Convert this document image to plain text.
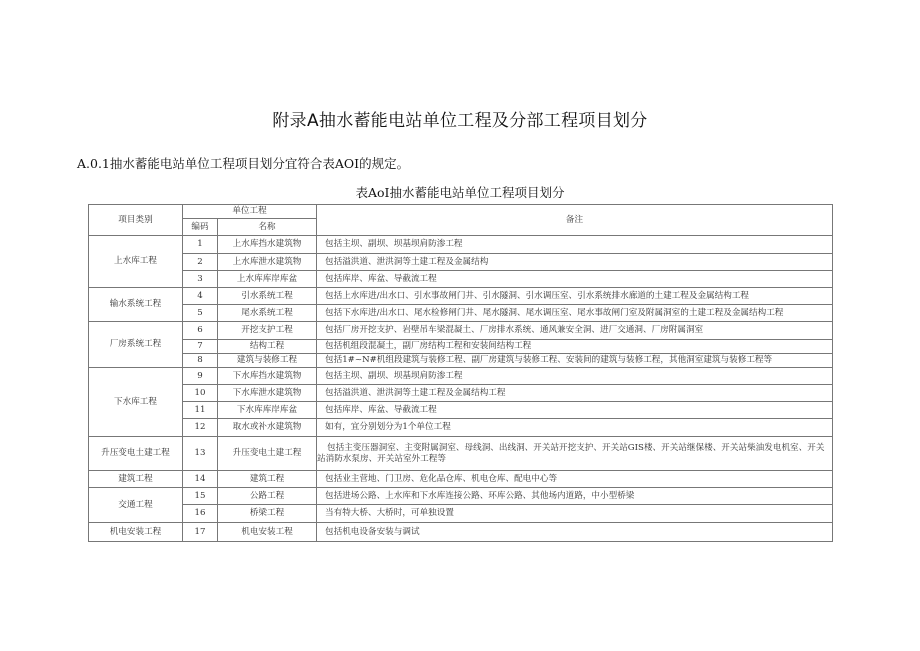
附录A抽水蓄能电站单位工程及分部工程项目划分
A.0.1抽水蓄能电站单位工程项目划分宜符合表AOI的规定。
表AoI抽水蓄能电站单位工程项目划分
项目类别	单位工程		备注
	编码	名称	
上水库工程	1	上水库挡水建筑物	包括主坝、副坝、坝基坝肩防渗工程
	2	上水库泄水建筑物	包括溢洪道、泄洪洞等土建工程及金属结构
	3	上水库库岸库盆	包括库岸、库盆、导截流工程
输水系统工程	4	引水系统工程	包括上水库进/出水口、引水事故闸门井、引水隧洞、引水调压室、引水系统排水廊道的土建工程及金属结构工程
	5	尾水系统工程	包括下水库进/出水口、尾水检修闸门井、尾水隧洞、尾水调压室、尾水事故闸门室及附属洞室的土建工程及金属结构工程
厂房系统工程	6	开挖支护工程	包括厂房开挖支护、岩壁吊车梁混凝土、厂房排水系统、通风兼安全洞、进厂交通洞、厂房附属洞室
	7	结构工程	包括机组段混凝土，副厂房结构工程和安装间结构工程
	8	建筑与装修工程	包括1#~N#机组段建筑与装修工程、副厂房建筑与装修工程、安装间的建筑与装修工程，其他洞室建筑与装修工程等
下水库工程	9	下水库挡水建筑物	包括主坝、副坝、坝基坝肩防渗工程
	10	下水库泄水建筑物	包括溢洪道、泄洪洞等土建工程及金属结构工程
	11	下水库库岸库盆	包括库岸、库盆、导截流工程
	12	取水或补水建筑物	如有，宜分别划分为1个单位工程
升压变电土建工程	13	升压变电土建工程	包括主变压器洞室、主变附属洞室、母线洞、出线洞、开关站开挖支护、开关站GIS楼、开关站继保楼、开关站柴油发电机室、开关站消防水泵房、开关站室外工程等
建筑工程	14	建筑工程	包括业主营地、门卫房、危化品仓库、机电仓库、配电中心等
交通工程	15	公路工程	包括进场公路、上水库和下水库连接公路、环库公路、其他场内道路，中小型桥梁
	16	桥梁工程	当有特大桥、大桥时，可单独设置
机电安装工程	17	机电安装工程	包括机电设备安装与调试
